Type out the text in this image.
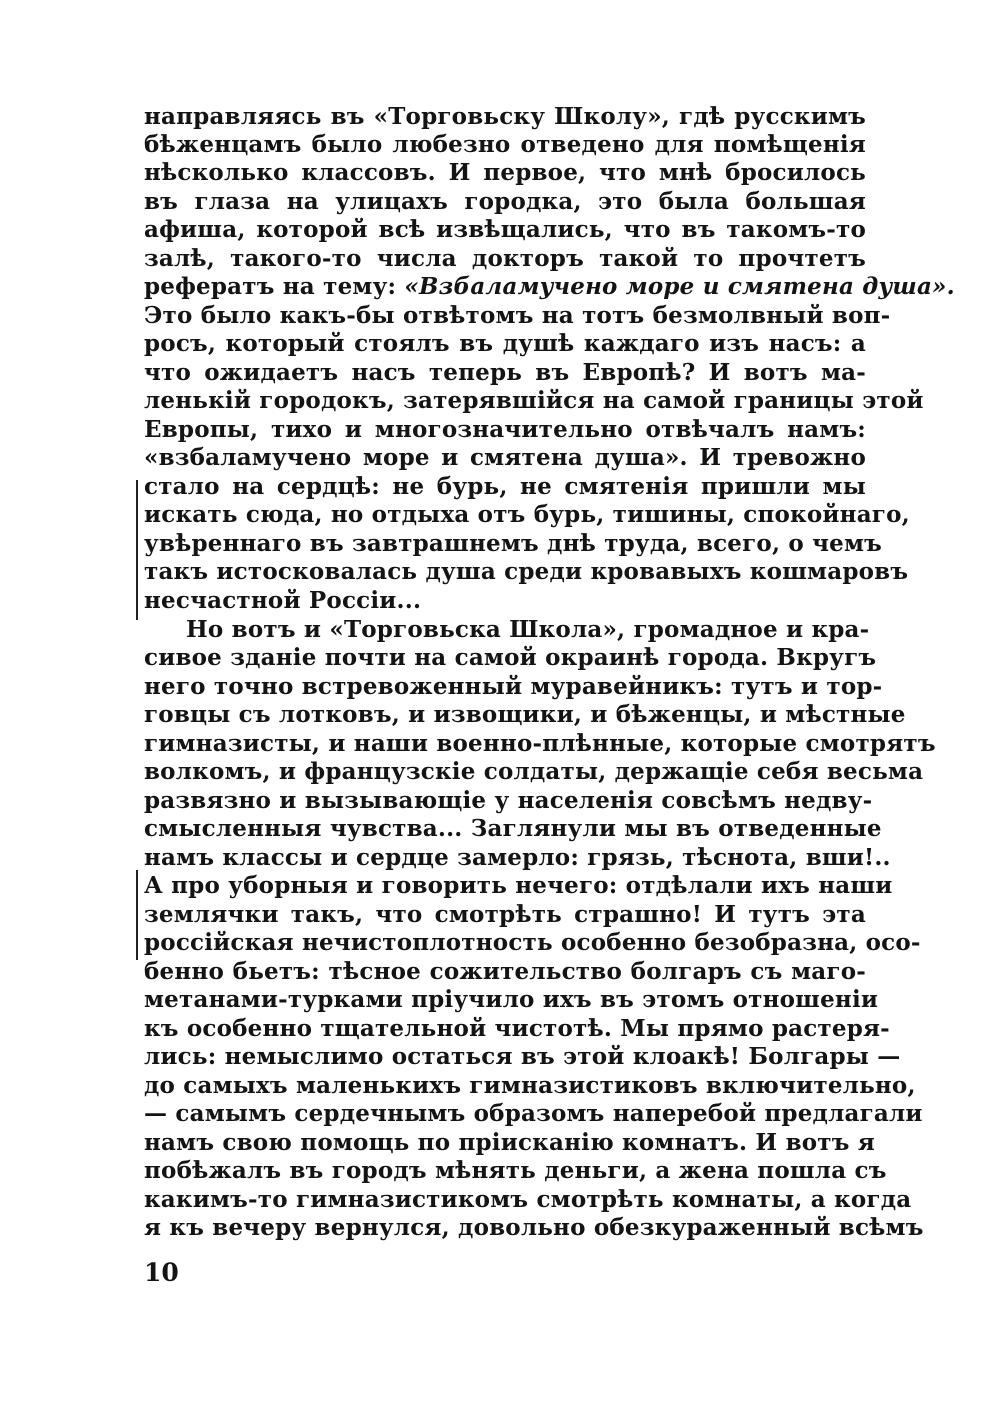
направляясь въ «Торговьску Школу», гдѣ русскимъ
бѣженцамъ было любезно отведено для помѣщенія
нѣсколько классовъ. И первое, что мнѣ бросилось
въ глаза на улицахъ городка, это была большая
афиша, которой всѣ извѣщались, что въ такомъ-то
залѣ, такого-то числа докторъ такой то прочтетъ
рефератъ на тему: «Взбаламучено море и смятена душа».
Это было какъ-бы отвѣтомъ на тотъ безмолвный воп-
росъ, который стоялъ въ душѣ каждаго изъ насъ: а
что ожидаетъ насъ теперь въ Европѣ? И вотъ ма-
ленькій городокъ, затерявшійся на самой границы этой
Европы, тихо и многозначительно отвѣчалъ намъ:
«взбаламучено море и смятена душа». И тревожно
стало на сердцѣ: не бурь, не смятенія пришли мы
искать сюда, но отдыха отъ бурь, тишины, спокойнаго,
увѣреннаго въ завтрашнемъ днѣ труда, всего, о чемъ
такъ истосковалась душа среди кровавыхъ кошмаровъ
несчастной Россіи...
Но вотъ и «Торговьска Школа», громадное и кра-
сивое зданіе почти на самой окраинѣ города. Вкругъ
него точно встревоженный муравейникъ: тутъ и тор-
говцы съ лотковъ, и извощики, и бѣженцы, и мѣстные
гимназисты, и наши военно-плѣнные, которые смотрятъ
волкомъ, и французскіе солдаты, держащіе себя весьма
развязно и вызывающіе у населенія совсѣмъ недву-
смысленныя чувства... Заглянули мы въ отведенные
намъ классы и сердце замерло: грязь, тѣснота, вши!..
А про уборныя и говорить нечего: отдѣлали ихъ наши
землячки такъ, что смотрѣть страшно! И тутъ эта
россійская нечистоплотность особенно безобразна, осо-
бенно бьетъ: тѣсное сожительство болгаръ съ маго-
метанами-турками пріучило ихъ въ этомъ отношеніи
къ особенно тщательной чистотѣ. Мы прямо растеря-
лись: немыслимо остаться въ этой клоакѣ! Болгары —
до самыхъ маленькихъ гимназистиковъ включительно,
— самымъ сердечнымъ образомъ наперебой предлагали
намъ свою помощь по пріисканію комнатъ. И вотъ я
побѣжалъ въ городъ мѣнять деньги, а жена пошла съ
какимъ-то гимназистикомъ смотрѣть комнаты, а когда
я къ вечеру вернулся, довольно обезкураженный всѣмъ
10
